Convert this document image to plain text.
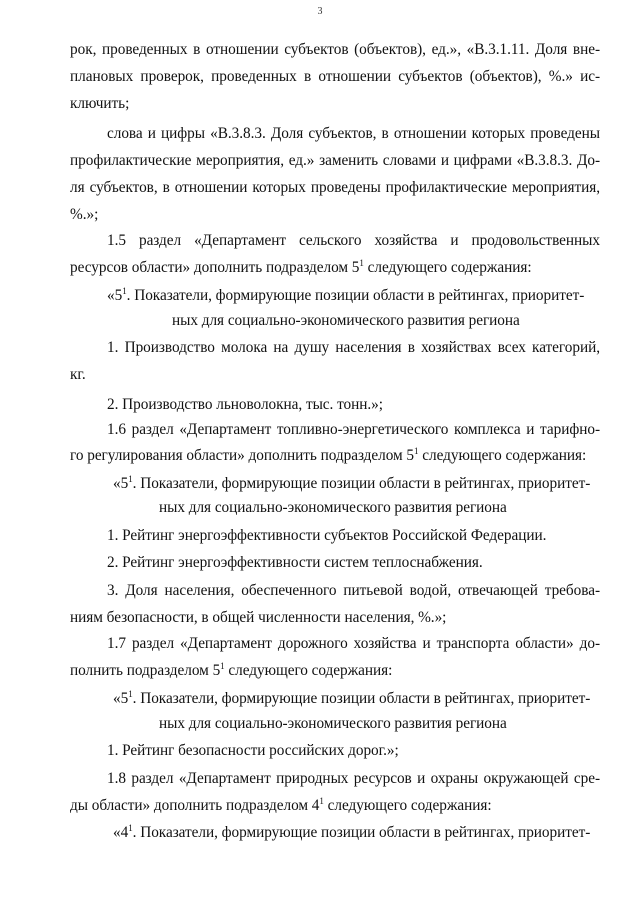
3
рок, проведенных в отношении субъектов (объектов), ед.», «В.3.1.11. Доля вне-
плановых проверок, проведенных в отношении субъектов (объектов), %.» ис-
ключить;
слова и цифры «В.3.8.3. Доля субъектов, в отношении которых проведены
профилактические мероприятия, ед.» заменить словами и цифрами «В.3.8.3. До-
ля субъектов, в отношении которых проведены профилактические мероприятия,
%.»;
1.5 раздел «Департамент сельского хозяйства и продовольственных
ресурсов области» дополнить подразделом $5^1$ следующего содержания:
«$5^1$. Показатели, формирующие позиции области в рейтингах, приоритет-
ных для социально-экономического развития региона
1. Производство молока на душу населения в хозяйствах всех категорий,
кг.
2. Производство льноволокна, тыс. тонн.»;
1.6 раздел «Департамент топливно-энергетического комплекса и тарифно-
го регулирования области» дополнить подразделом $5^1$ следующего содержания:
«$5^1$. Показатели, формирующие позиции области в рейтингах, приоритет-
ных для социально-экономического развития региона
1. Рейтинг энергоэффективности субъектов Российской Федерации.
2. Рейтинг энергоэффективности систем теплоснабжения.
3. Доля населения, обеспеченного питьевой водой, отвечающей требова-
ниям безопасности, в общей численности населения, %.»;
1.7 раздел «Департамент дорожного хозяйства и транспорта области» до-
полнить подразделом $5^1$ следующего содержания:
«$5^1$. Показатели, формирующие позиции области в рейтингах, приоритет-
ных для социально-экономического развития региона
1. Рейтинг безопасности российских дорог.»;
1.8 раздел «Департамент природных ресурсов и охраны окружающей сре-
ды области» дополнить подразделом $4^1$ следующего содержания:
«$4^1$. Показатели, формирующие позиции области в рейтингах, приоритет-
